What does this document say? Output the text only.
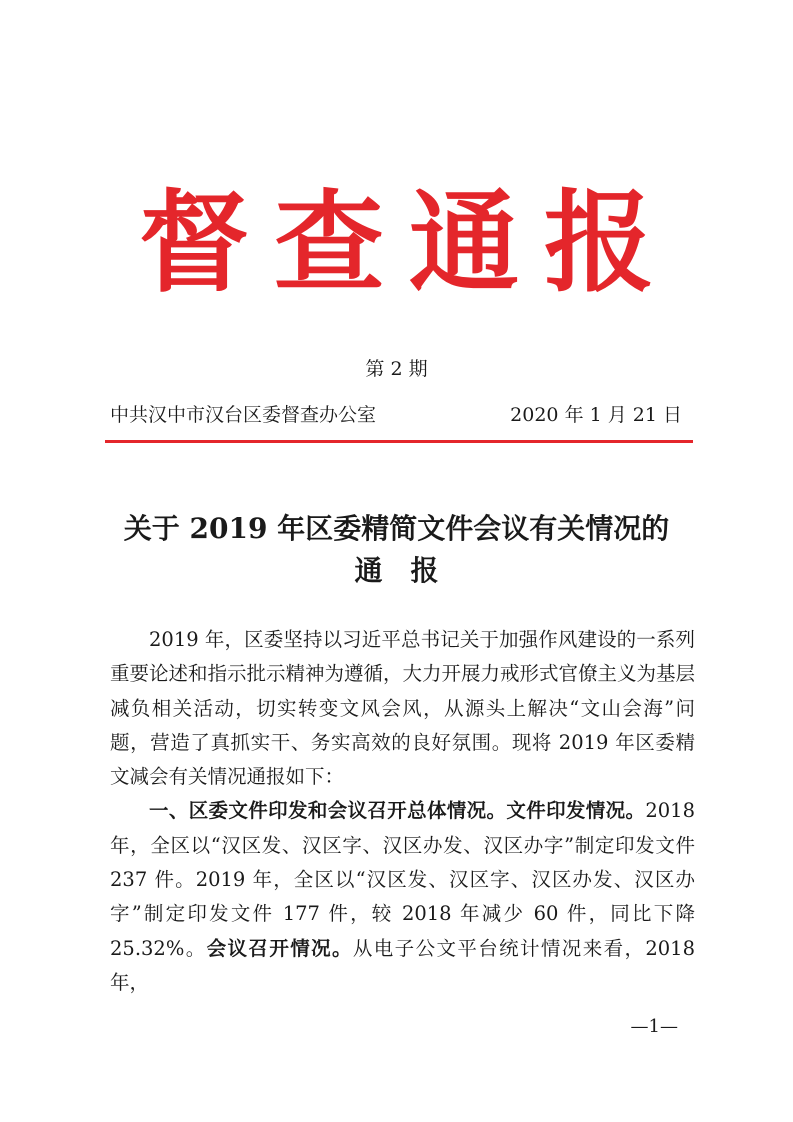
督 查 通 报
第 2 期
中共汉中市汉台区委督查办公室	2020 年 1 月 21 日
关于 2019 年区委精简文件会议有关情况的
通　报

2019 年，区委坚持以习近平总书记关于加强作风建设的一系列重要论述和指示批示精神为遵循，大力开展力戒形式官僚主义为基层减负相关活动，切实转变文风会风，从源头上解决“文山会海”问题，营造了真抓实干、务实高效的良好氛围。现将 2019 年区委精文减会有关情况通报如下：

一、区委文件印发和会议召开总体情况。文件印发情况。2018 年，全区以“汉区发、汉区字、汉区办发、汉区办字”制定印发文件 237 件。2019 年，全区以“汉区发、汉区字、汉区办发、汉区办字”制定印发文件 177 件，较 2018 年减少 60 件，同比下降 25.32%。会议召开情况。从电子公文平台统计情况来看，2018 年，

—1—
